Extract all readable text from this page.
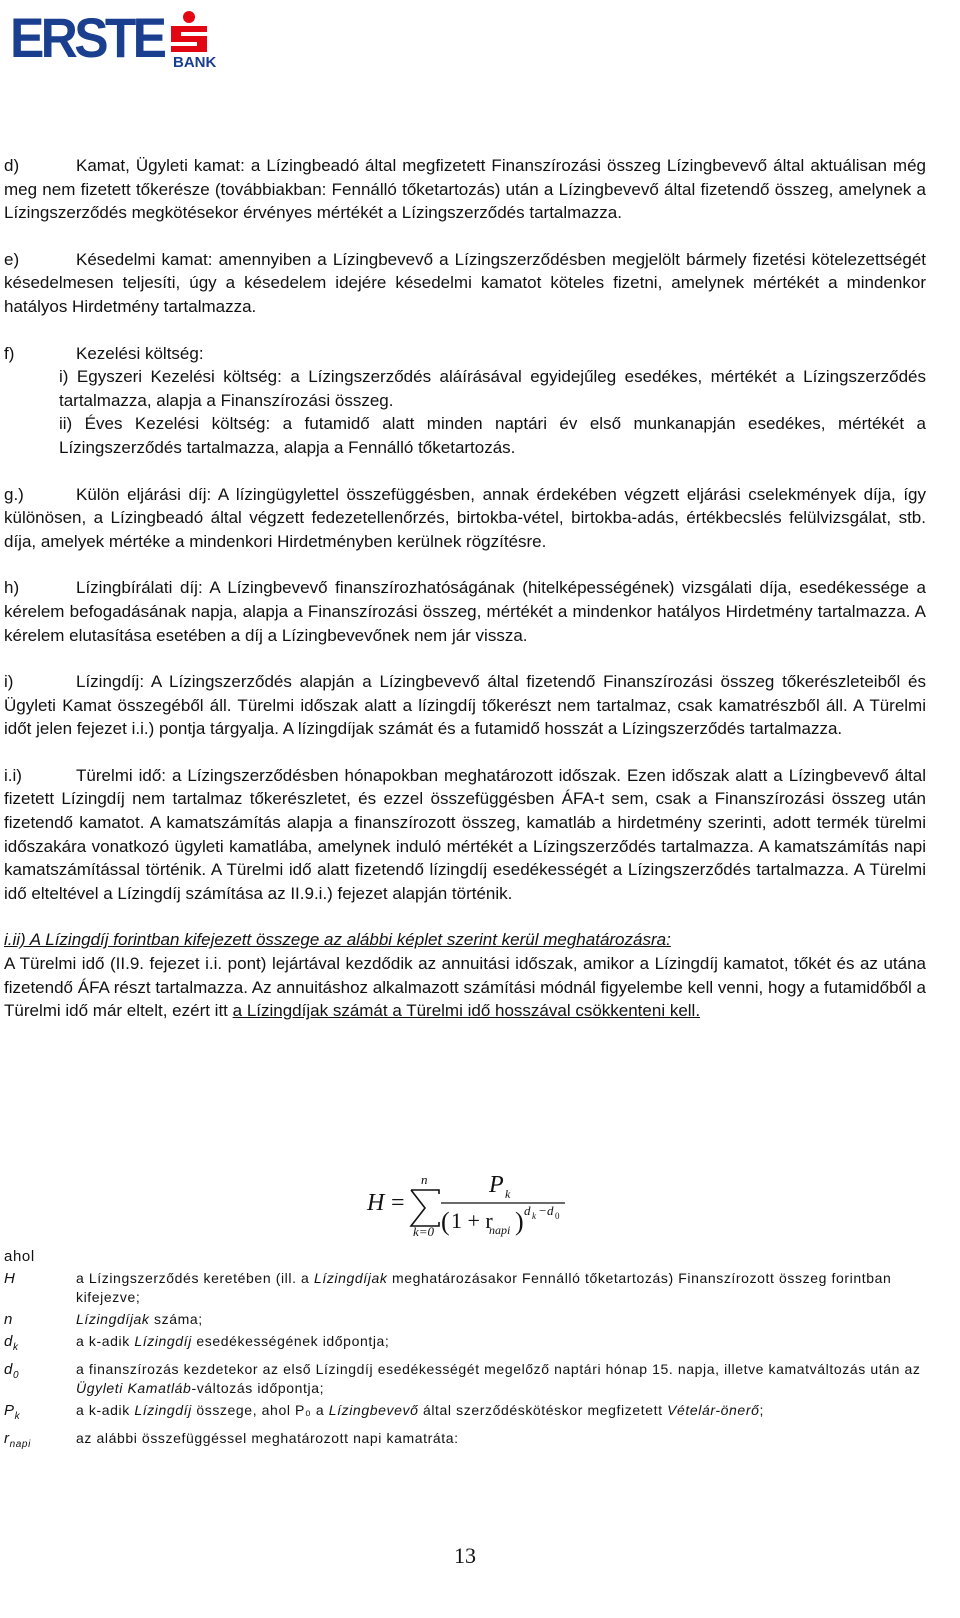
ERSTE BANK

d)	Kamat, Ügyleti kamat: a Lízingbeadó által megfizetett Finanszírozási összeg Lízingbevevő által aktuálisan még meg nem fizetett tőkerésze (továbbiakban: Fennálló tőketartozás) után a Lízingbevevő által fizetendő összeg, amelynek a Lízingszerződés megkötésekor érvényes mértékét a Lízingszerződés tartalmazza.

e)	Késedelmi kamat: amennyiben a Lízingbevevő a Lízingszerződésben megjelölt bármely fizetési kötelezettségét késedelmesen teljesíti, úgy a késedelem idejére késedelmi kamatot köteles fizetni, amelynek mértékét a mindenkor hatályos Hirdetmény tartalmazza.

f)	Kezelési költség:
i) Egyszeri Kezelési költség: a Lízingszerződés aláírásával egyidejűleg esedékes, mértékét a Lízingszerződés tartalmazza, alapja a Finanszírozási összeg.
ii) Éves Kezelési költség: a futamidő alatt minden naptári év első munkanapján esedékes, mértékét a Lízingszerződés tartalmazza, alapja a Fennálló tőketartozás.

g.)	Külön eljárási díj: A lízingügylettel összefüggésben, annak érdekében végzett eljárási cselekmények díja, így különösen, a Lízingbeadó által végzett fedezetellenőrzés, birtokba-vétel, birtokba-adás, értékbecslés felülvizsgálat, stb. díja, amelyek mértéke a mindenkori Hirdetményben kerülnek rögzítésre.

h)	Lízingbírálati díj: A Lízingbevevő finanszírozhatóságának (hitelképességének) vizsgálati díja, esedékessége a kérelem befogadásának napja, alapja a Finanszírozási összeg, mértékét a mindenkor hatályos Hirdetmény tartalmazza. A kérelem elutasítása esetében a díj a Lízingbevevőnek nem jár vissza.

i)	Lízingdíj: A Lízingszerződés alapján a Lízingbevevő által fizetendő Finanszírozási összeg tőkerészleteiből és Ügyleti Kamat összegéből áll. Türelmi időszak alatt a lízingdíj tőkerészt nem tartalmaz, csak kamatrészből áll. A Türelmi időt jelen fejezet i.i.) pontja tárgyalja. A lízingdíjak számát és a futamidő hosszát a Lízingszerződés tartalmazza.

i.i)	Türelmi idő: a Lízingszerződésben hónapokban meghatározott időszak. Ezen időszak alatt a Lízingbevevő által fizetett Lízingdíj nem tartalmaz tőkerészletet, és ezzel összefüggésben ÁFA-t sem, csak a Finanszírozási összeg után fizetendő kamatot. A kamatszámítás alapja a finanszírozott összeg, kamatláb a hirdetmény szerinti, adott termék türelmi időszakára vonatkozó ügyleti kamatlába, amelynek induló mértékét a Lízingszerződés tartalmazza. A kamatszámítás napi kamatszámítással történik. A Türelmi idő alatt fizetendő lízingdíj esedékességét a Lízingszerződés tartalmazza. A Türelmi idő elteltével a Lízingdíj számítása az II.9.i.) fejezet alapján történik.

i.ii) A Lízingdíj forintban kifejezett összege az alábbi képlet szerint kerül meghatározásra:

A Türelmi idő (II.9. fejezet i.i. pont) lejártával kezdődik az annuitási időszak, amikor a Lízingdíj kamatot, tőkét és az utána fizetendő ÁFA részt tartalmazza. Az annuitáshoz alkalmazott számítási módnál figyelembe kell venni, hogy a futamidőből a Türelmi idő már eltelt, ezért itt a Lízingdíjak számát a Türelmi idő hosszával csökkenteni kell.

H =
n
k=0
P k
( 1 + r
napi ) d k − d 0
ahol
H	a Lízingszerződés keretében (ill. a Lízingdíjak meghatározásakor Fennálló tőketartozás) Finanszírozott összeg forintban kifejezve;
n	Lízingdíjak száma;
$d_k$	a k-adik Lízingdíj esedékességének időpontja;
$d_0$	a finanszírozás kezdetekor az első Lízingdíj esedékességét megelőző naptári hónap 15. napja, illetve kamatváltozás után az Ügyleti Kamatláb-változás időpontja;
$P_k$	a k-adik Lízingdíj összege, ahol P₀ a Lízingbevevő által szerződéskötéskor megfizetett Vételár-önerő;
$r_{napi}$	az alábbi összefüggéssel meghatározott napi kamatráta:
13
